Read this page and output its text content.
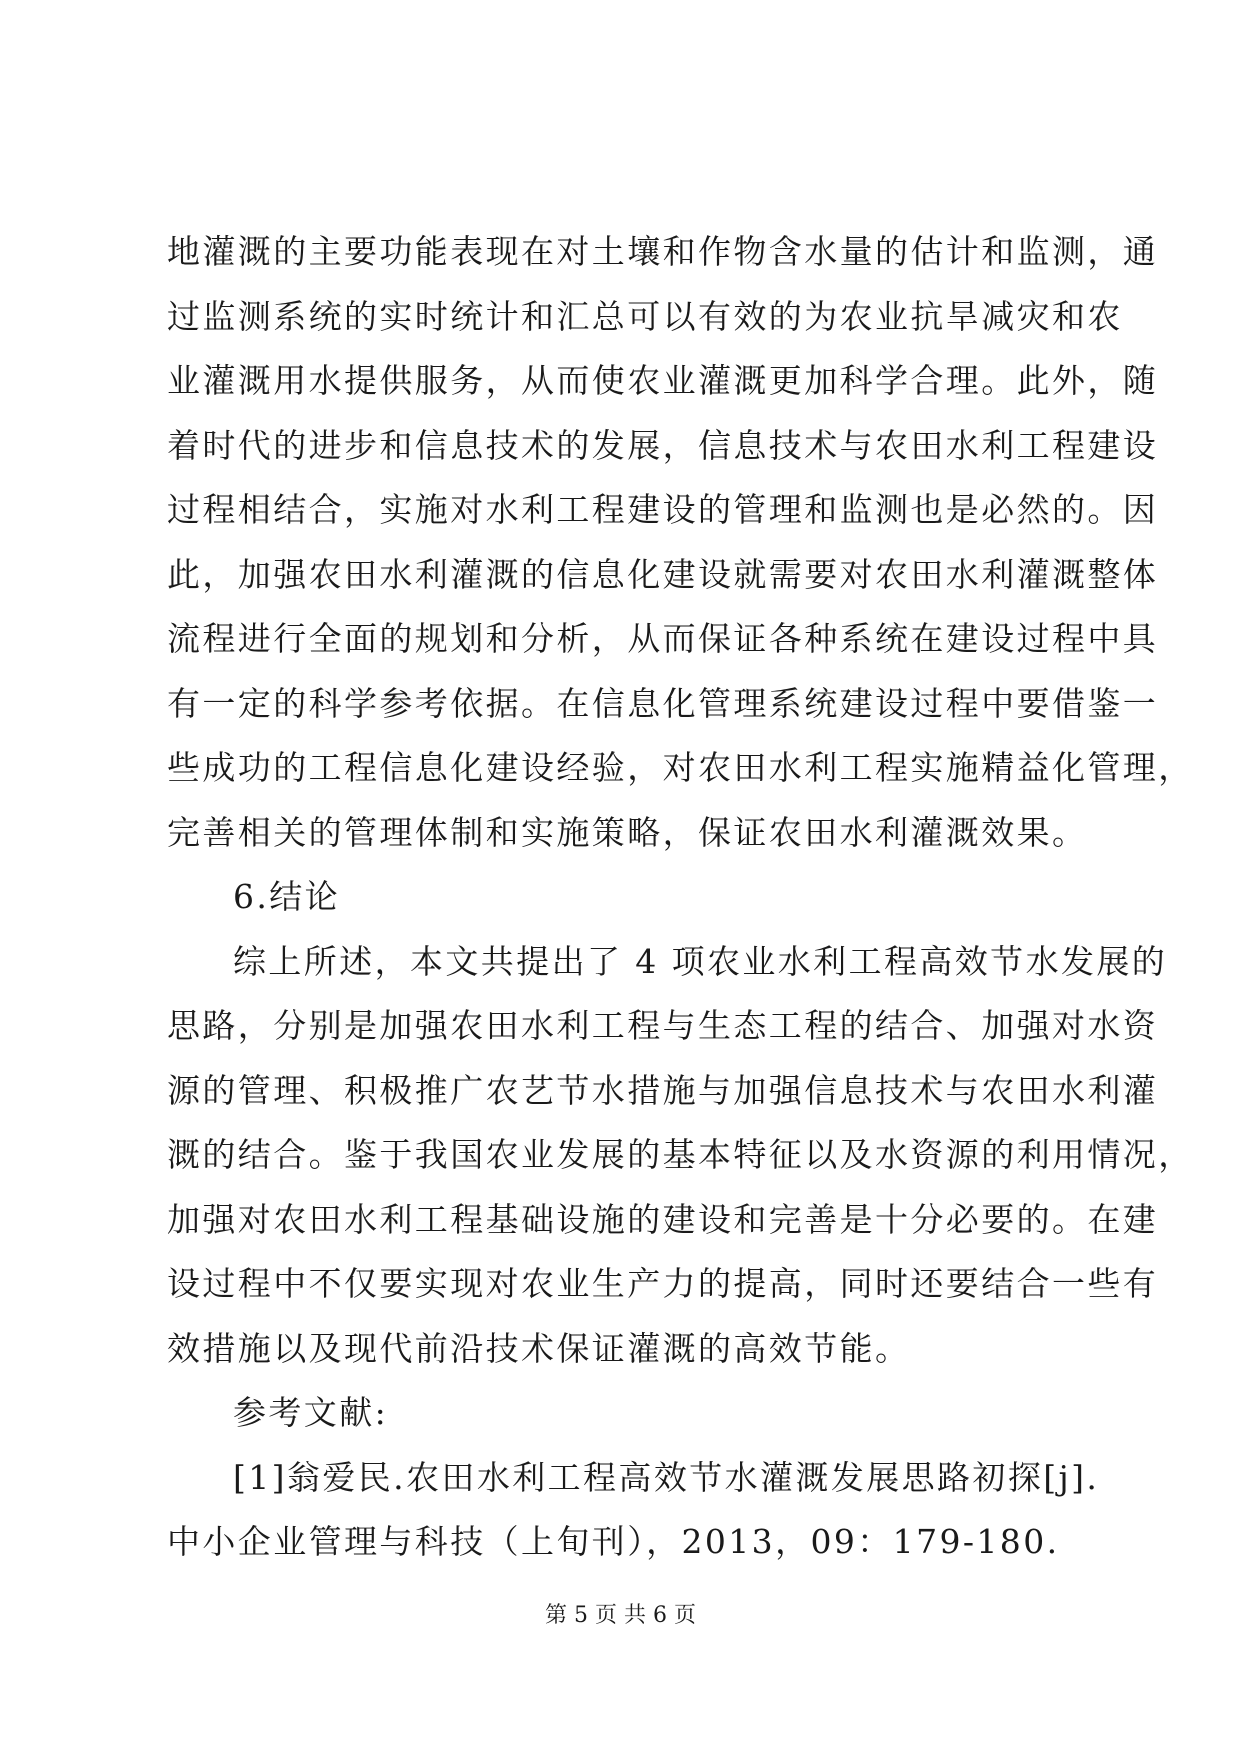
地灌溉的主要功能表现在对土壤和作物含水量的估计和监测，通
过监测系统的实时统计和汇总可以有效的为农业抗旱减灾和农
业灌溉用水提供服务，从而使农业灌溉更加科学合理。此外，随
着时代的进步和信息技术的发展，信息技术与农田水利工程建设
过程相结合，实施对水利工程建设的管理和监测也是必然的。因
此，加强农田水利灌溉的信息化建设就需要对农田水利灌溉整体
流程进行全面的规划和分析，从而保证各种系统在建设过程中具
有一定的科学参考依据。在信息化管理系统建设过程中要借鉴一
些成功的工程信息化建设经验，对农田水利工程实施精益化管理，
完善相关的管理体制和实施策略，保证农田水利灌溉效果。
6.结论
综上所述，本文共提出了 4 项农业水利工程高效节水发展的
思路，分别是加强农田水利工程与生态工程的结合、加强对水资
源的管理、积极推广农艺节水措施与加强信息技术与农田水利灌
溉的结合。鉴于我国农业发展的基本特征以及水资源的利用情况，
加强对农田水利工程基础设施的建设和完善是十分必要的。在建
设过程中不仅要实现对农业生产力的提高，同时还要结合一些有
效措施以及现代前沿技术保证灌溉的高效节能。
参考文献:
[1]翁爱民.农田水利工程高效节水灌溉发展思路初探[j].
中小企业管理与科技（上旬刊），2013，09：179-180.
第 5 页 共 6 页
